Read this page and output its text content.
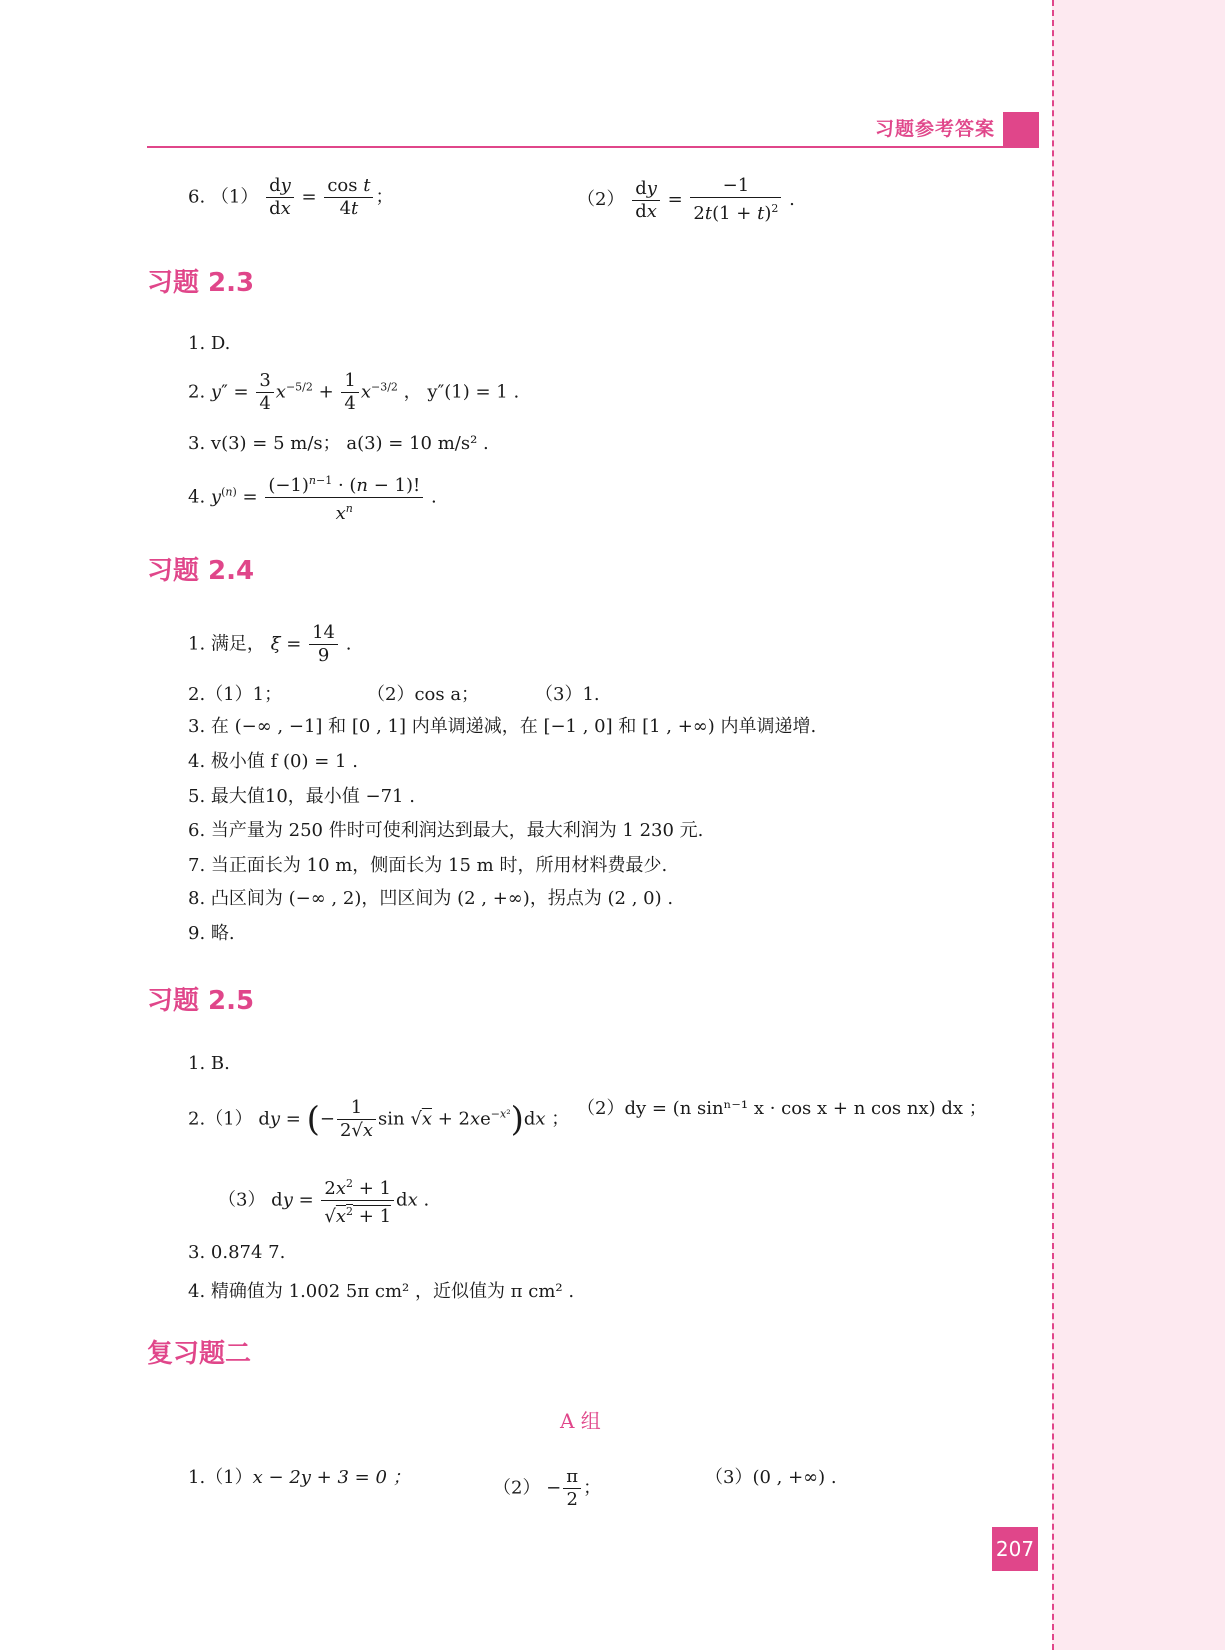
习题参考答案
6. $(1) \frac{dy}{dx} = \frac{\text{cos t}}{4t}$ ；	$(2) \frac{dy}{dx} = \frac{-1}{2t(1 + t)^2}$ .
习题 2.3
1. D.
2. $y'' = \frac{3}{4} x^{-5/2} + \frac{1}{4} x^{-3/2}$ ， y″(1) = 1 .
3. v(3) = 5 m/s； a(3) = 10 m/s² .
4. $y^{(n)} = \frac{(-1)^{n-1} \cdot (n - 1)!}{x^n}$ .
习题 2.4
1. 满足， $\xi = \frac{14}{9}$ .
2.（1）1；	（2）cos a；	（3）1.
3. 在 (−∞ , −1] 和 [0 , 1] 内单调递减，在 [−1 , 0] 和 [1 , +∞) 内单调递增.
4. 极小值 f (0) = 1 .
5. 最大值10，最小值 −71 .
6. 当产量为 250 件时可使利润达到最大，最大利润为 1 230 元.
7. 当正面长为 10 m，侧面长为 15 m 时，所用材料费最少.
8. 凸区间为 (−∞ , 2)，凹区间为 (2 , +∞)，拐点为 (2 , 0) .
9. 略.
习题 2.5
1. B.
2.（1） dy = (− $\frac{1}{2√x}$ $\sin √x + 2xe^{-x^2})dx$ ； （2）dy = (n sinⁿ⁻¹ x · cos x + n cos nx) dx ；
（3） dy = $\frac{2x^2 + 1}{√x^2 + 1}$ dx .
3. 0.874 7.
4. 精确值为 1.002 5π cm² ，近似值为 π cm² .
复习题二
A 组
1.（1）x − 2y + 3 = 0 ；	$(2) - \frac{\pi}{2}$ ；	（3）(0 , +∞) .
207
